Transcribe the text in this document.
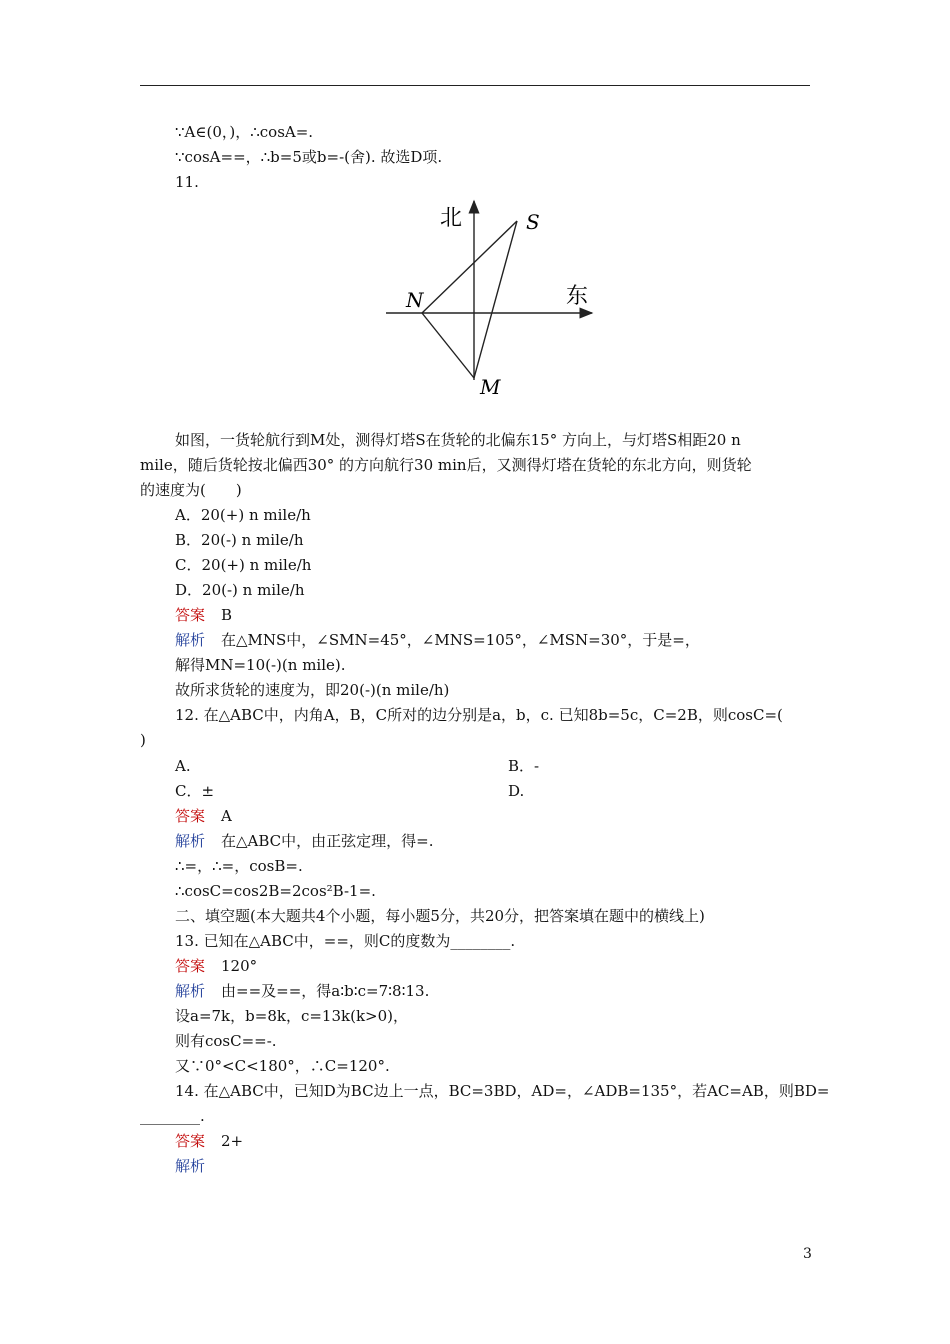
∵A∈(0，)，∴cosA=.
∵cosA==，∴b=5或b=-(舍). 故选D项.
11.
北
东
S
N
M
如图，一货轮航行到M处，测得灯塔S在货轮的北偏东15° 方向上，与灯塔S相距20 n
mile，随后货轮按北偏西30° 的方向航行30 min后，又测得灯塔在货轮的东北方向，则货轮
的速度为(　　)
A．20(+) n mile/h
B．20(-) n mile/h
C．20(+) n mile/h
D．20(-) n mile/h
答案 B
解析 在△MNS中，∠SMN=45°，∠MNS=105°，∠MSN=30°，于是=，
解得MN=10(-)(n mile).
故所求货轮的速度为，即20(-)(n mile/h)
12. 在△ABC中，内角A，B，C所对的边分别是a，b，c. 已知8b=5c，C=2B，则cosC=(
)
A.	B．-
C．±	D.
答案 A
解析 在△ABC中，由正弦定理，得=.
∴=，∴=，cosB=.
∴cosC=cos2B=2cos²B-1=.
二、填空题(本大题共4个小题，每小题5分，共20分，把答案填在题中的横线上)
13. 已知在△ABC中，==，则C的度数为________.
答案 120°
解析 由==及==，得a∶b∶c=7∶8∶13.
设a=7k，b=8k，c=13k(k>0)，
则有cosC==-.
又∵0°<C<180°，∴C=120°.
14. 在△ABC中，已知D为BC边上一点，BC=3BD，AD=，∠ADB=135°，若AC=AB，则BD=
________.
答案 2+
解析
3
